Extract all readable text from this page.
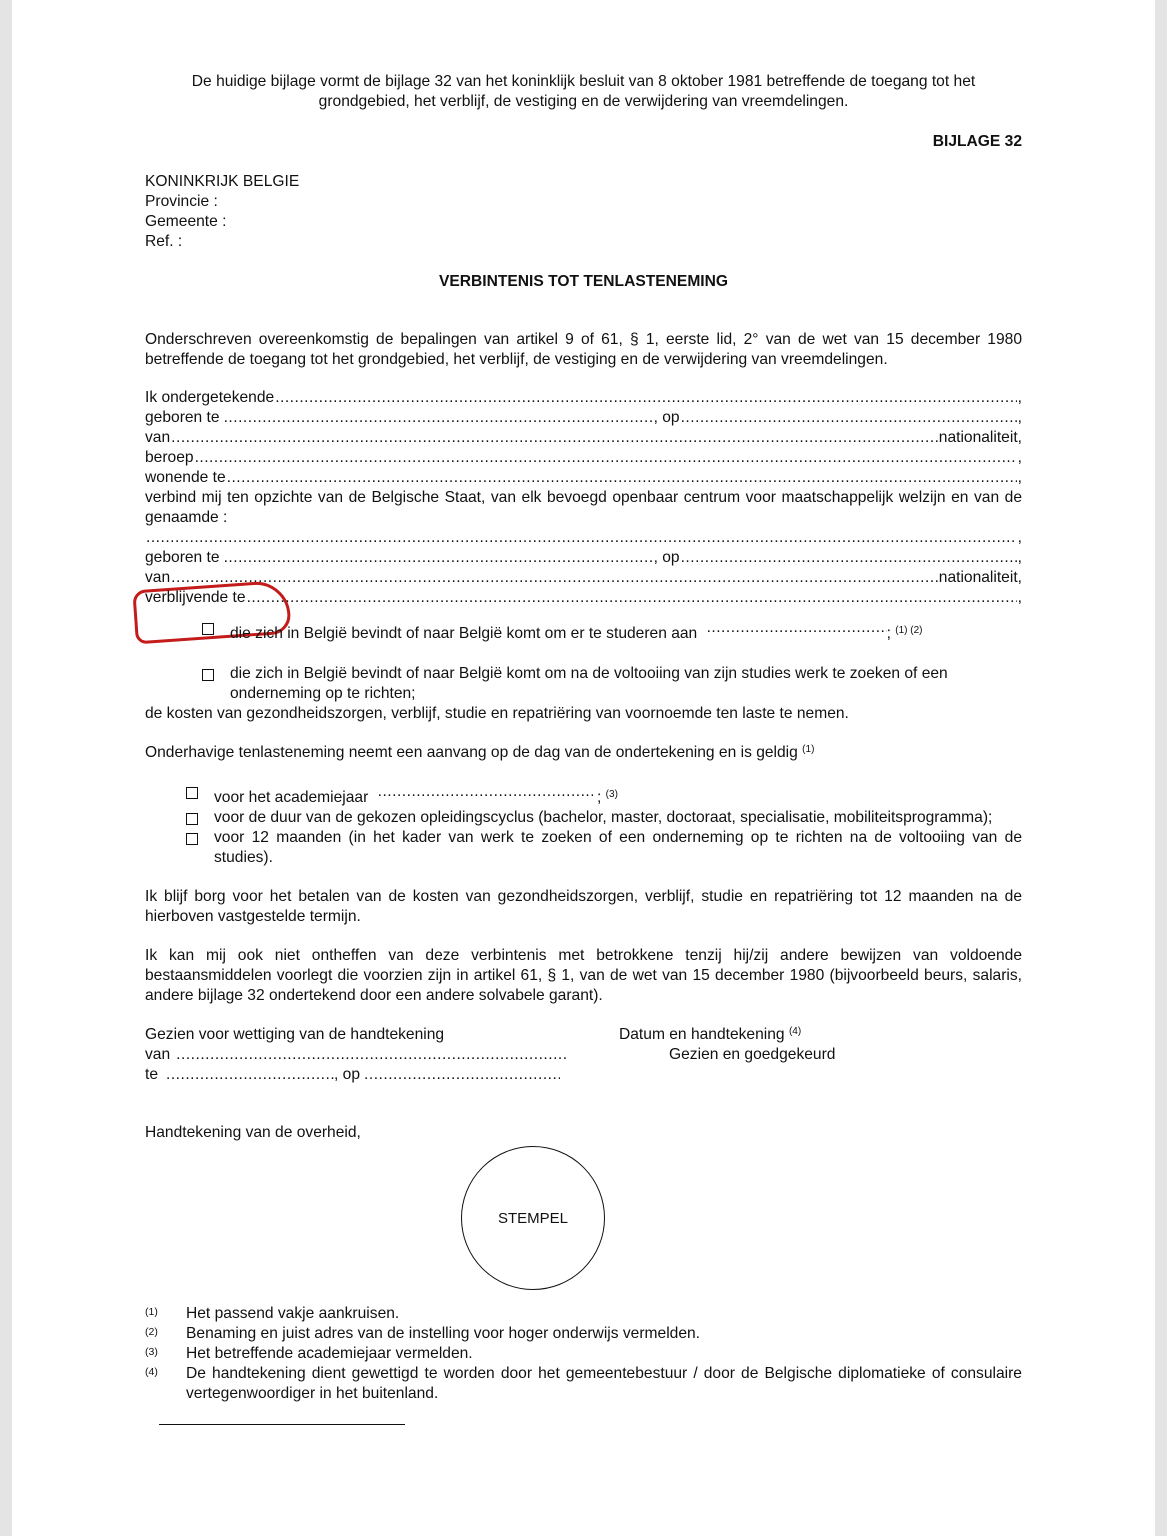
De huidige bijlage vormt de bijlage 32 van het koninklijk besluit van 8 oktober 1981 betreffende de toegang tot het grondgebied, het verblijf, de vestiging en de verwijdering van vreemdelingen.

BIJLAGE 32

KONINKRIJK BELGIE

Provincie :

Gemeente :

Ref. :

VERBINTENIS TOT TENLASTENEMING

Onderschreven overeenkomstig de bepalingen van artikel 9 of 61, § 1, eerste lid, 2° van de wet van 15 december 1980 betreffende de toegang tot het grondgebied, het verblijf, de vestiging en de verwijdering van vreemdelingen.

Ik ondergetekende .....	,
geboren te .....	, op .....	,
van .....	nationaliteit,
beroep .....	,
wonende te .....	,

verbind mij ten opzichte van de Belgische Staat, van elk bevoegd openbaar centrum voor maatschappelijk welzijn en van de genaamde :

.....
,
geboren te .....	, op .....	,
van .....	nationaliteit,
verblijvende te .....	,
die zich in België bevindt of naar België komt om er te studeren aan .....	; $^{(1) (2)}$
die zich in België bevindt of naar België komt om na de voltooiing van zijn studies werk te zoeken of een onderneming op te richten;

de kosten van gezondheidszorgen, verblijf, studie en repatriëring van voornoemde ten laste te nemen.

Onderhavige tenlasteneming neemt een aanvang op de dag van de ondertekening en is geldig $^{(1)}$

voor het academiejaar .....	; $^{(3)}$
voor de duur van de gekozen opleidingscyclus (bachelor, master, doctoraat, specialisatie, mobiliteitsprogramma);
voor 12 maanden (in het kader van werk te zoeken of een onderneming op te richten na de voltooiing van de studies).

Ik blijf borg voor het betalen van de kosten van gezondheidszorgen, verblijf, studie en repatriëring tot 12 maanden na de hierboven vastgestelde termijn.

Ik kan mij ook niet ontheffen van deze verbintenis met betrokkene tenzij hij/zij andere bewijzen van voldoende bestaansmiddelen voorlegt die voorzien zijn in artikel 61, § 1, van de wet van 15 december 1980 (bijvoorbeeld beurs, salaris, andere bijlage 32 ondertekend door een andere solvabele garant).

Gezien voor wettiging van de handtekening

van
.....
te .....	, op
.....

Datum en handtekening $^{(4)}$

Gezien en goedgekeurd

Handtekening van de overheid,

(1)	Het passend vakje aankruisen.
(2)	Benaming en juist adres van de instelling voor hoger onderwijs vermelden.
(3)	Het betreffende academiejaar vermelden.
(4)	De handtekening dient gewettigd te worden door het gemeentebestuur / door de Belgische diplomatieke of consulaire vertegenwoordiger in het buitenland.
STEMPEL
